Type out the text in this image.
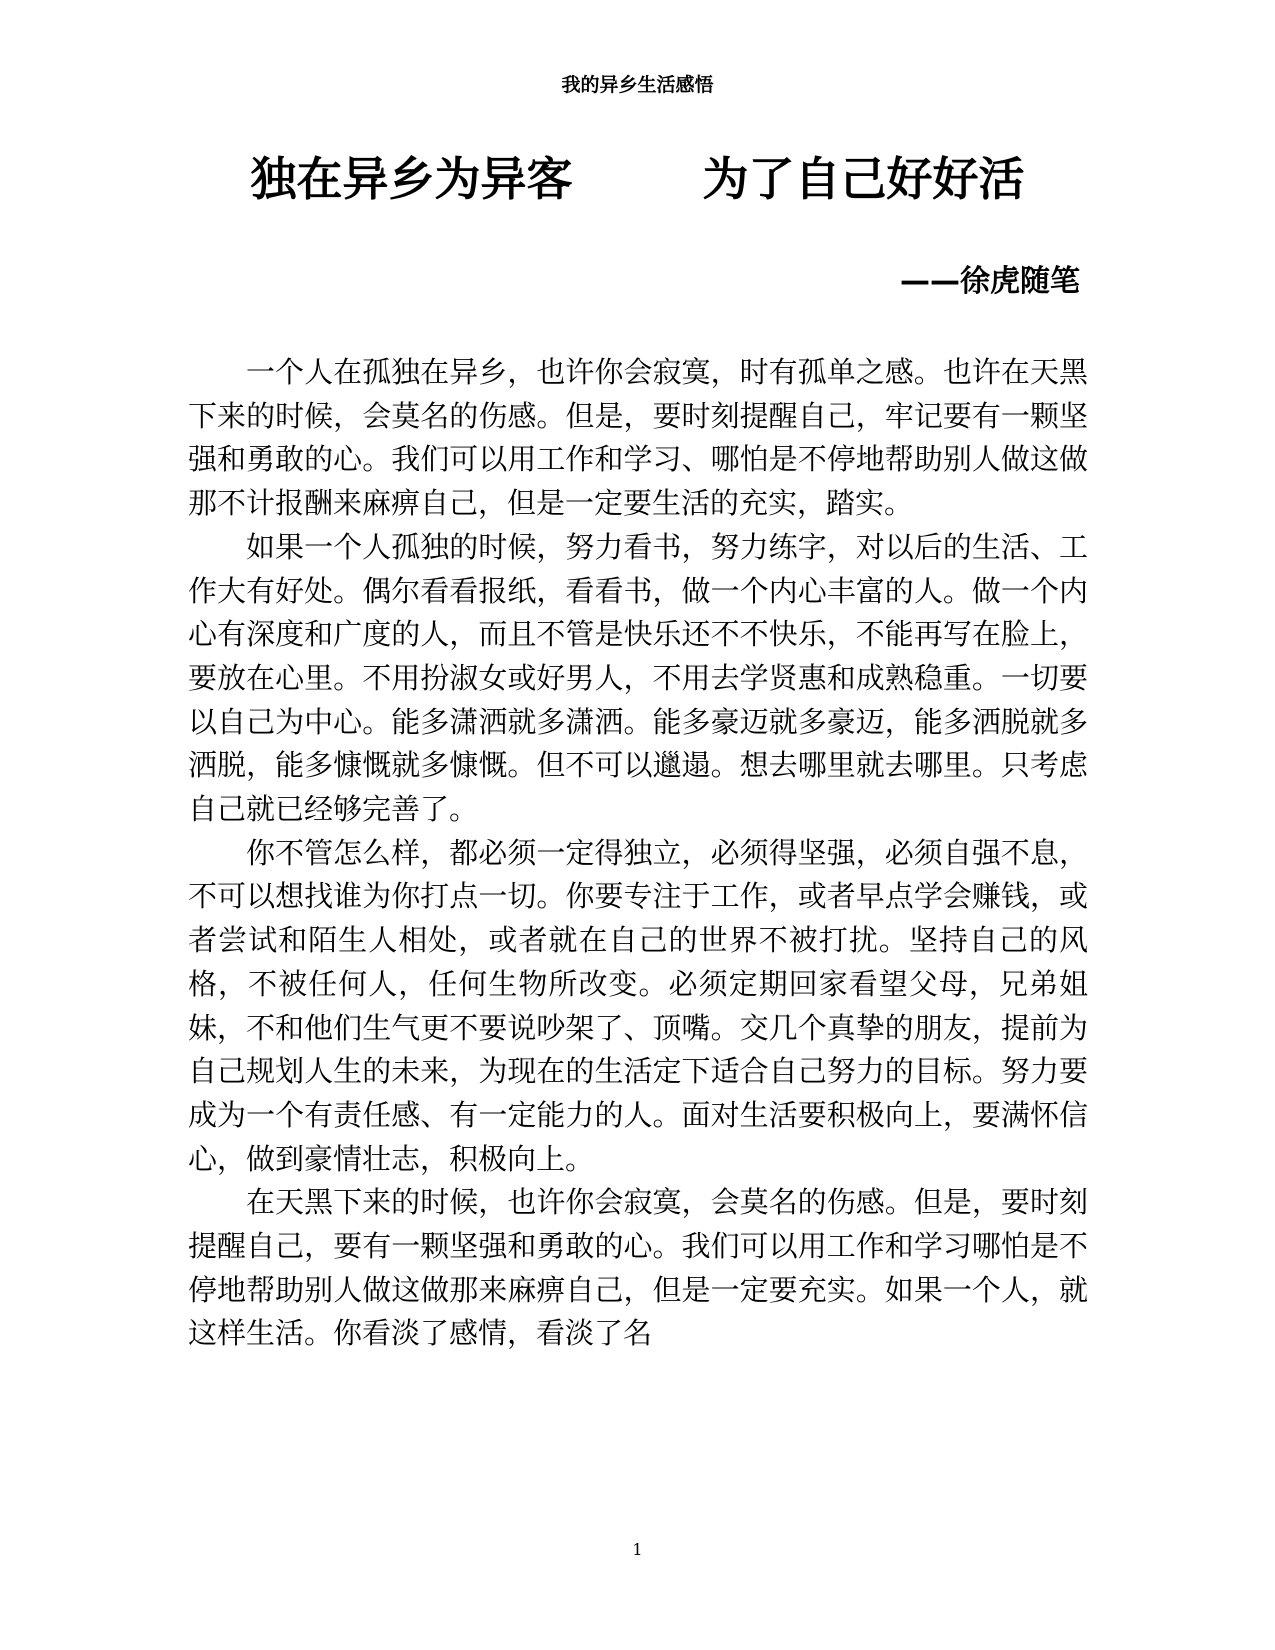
我的异乡生活感悟
独在异乡为异客	为了自己好好活
——徐虎随笔

一个人在孤独在异乡，也许你会寂寞，时有孤单之感。也许在天黑下来的时候，会莫名的伤感。但是，要时刻提醒自己，牢记要有一颗坚强和勇敢的心。我们可以用工作和学习、哪怕是不停地帮助别人做这做那不计报酬来麻痹自己，但是一定要生活的充实，踏实。

如果一个人孤独的时候，努力看书，努力练字，对以后的生活、工作大有好处。偶尔看看报纸，看看书，做一个内心丰富的人。做一个内心有深度和广度的人，而且不管是快乐还不不快乐，不能再写在脸上，要放在心里。不用扮淑女或好男人，不用去学贤惠和成熟稳重。一切要以自己为中心。能多潇洒就多潇洒。能多豪迈就多豪迈，能多洒脱就多洒脱，能多慷慨就多慷慨。但不可以邋遢。想去哪里就去哪里。只考虑自己就已经够完善了。

你不管怎么样，都必须一定得独立，必须得坚强，必须自强不息，不可以想找谁为你打点一切。你要专注于工作，或者早点学会赚钱，或者尝试和陌生人相处，或者就在自己的世界不被打扰。坚持自己的风格，不被任何人，任何生物所改变。必须定期回家看望父母，兄弟姐妹，不和他们生气更不要说吵架了、顶嘴。交几个真挚的朋友，提前为自己规划人生的未来，为现在的生活定下适合自己努力的目标。努力要成为一个有责任感、有一定能力的人。面对生活要积极向上，要满怀信心，做到豪情壮志，积极向上。

在天黑下来的时候，也许你会寂寞，会莫名的伤感。但是，要时刻提醒自己，要有一颗坚强和勇敢的心。我们可以用工作和学习哪怕是不停地帮助别人做这做那来麻痹自己，但是一定要充实。如果一个人，就这样生活。你看淡了感情，看淡了名

1
